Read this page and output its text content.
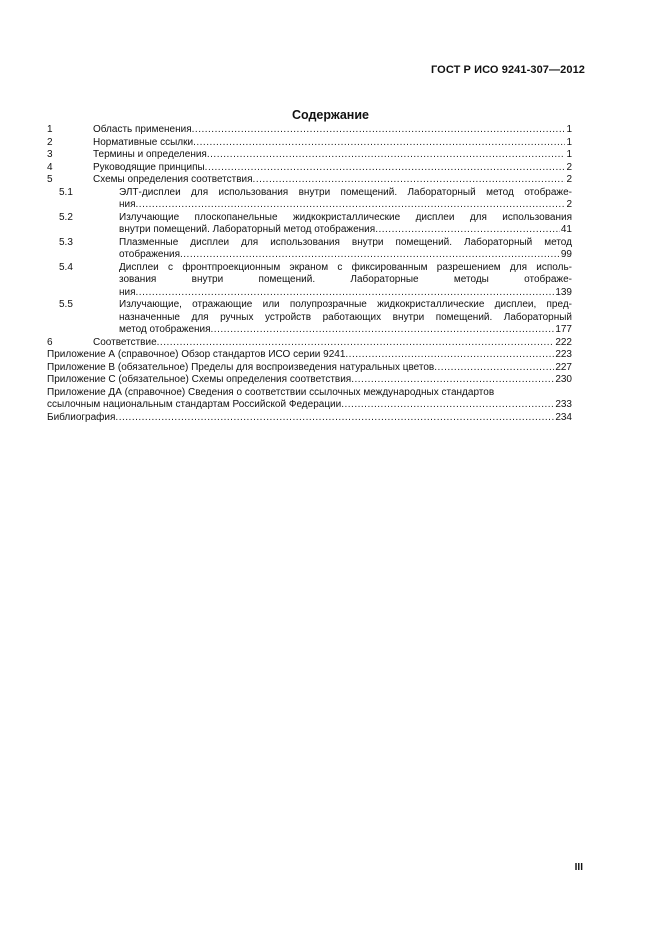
ГОСТ Р ИСО 9241-307—2012
Содержание
1	Область применения .....	1
2	Нормативные ссылки .....	1
3	Термины и определения .....	1
4	Руководящие принципы .....	2
5	Схемы определения соответствия .....	2
5.1	ЭЛТ-дисплеи для использования внутри помещений. Лабораторный метод отображе-
ния .....	2
5.2	Излучающие плоскопанельные жидкокристаллические дисплеи для использования
внутри помещений. Лабораторный метод отображения .....	41
5.3	Плазменные дисплеи для использования внутри помещений. Лабораторный метод
отображения .....	99
5.4	Дисплеи с фронтпроекционным экраном с фиксированным разрешением для исполь-
зования внутри помещений. Лабораторные методы отображе-
ния .....	139
5.5	Излучающие, отражающие или полупрозрачные жидкокристаллические дисплеи, пред-
назначенные для ручных устройств работающих внутри помещений. Лабораторный
метод отображения .....	177
6	Соответствие .....	222
Приложение А (справочное) Обзор стандартов ИСО серии 9241 .....	223
Приложение В (обязательное) Пределы для воспроизведения натуральных цветов .....	227
Приложение С (обязательное) Схемы определения соответствия .....	230
Приложение ДА (справочное) Сведения о соответствии ссылочных международных стандартов
ссылочным национальным стандартам Российской Федерации .....	233
Библиография .....	234
III
